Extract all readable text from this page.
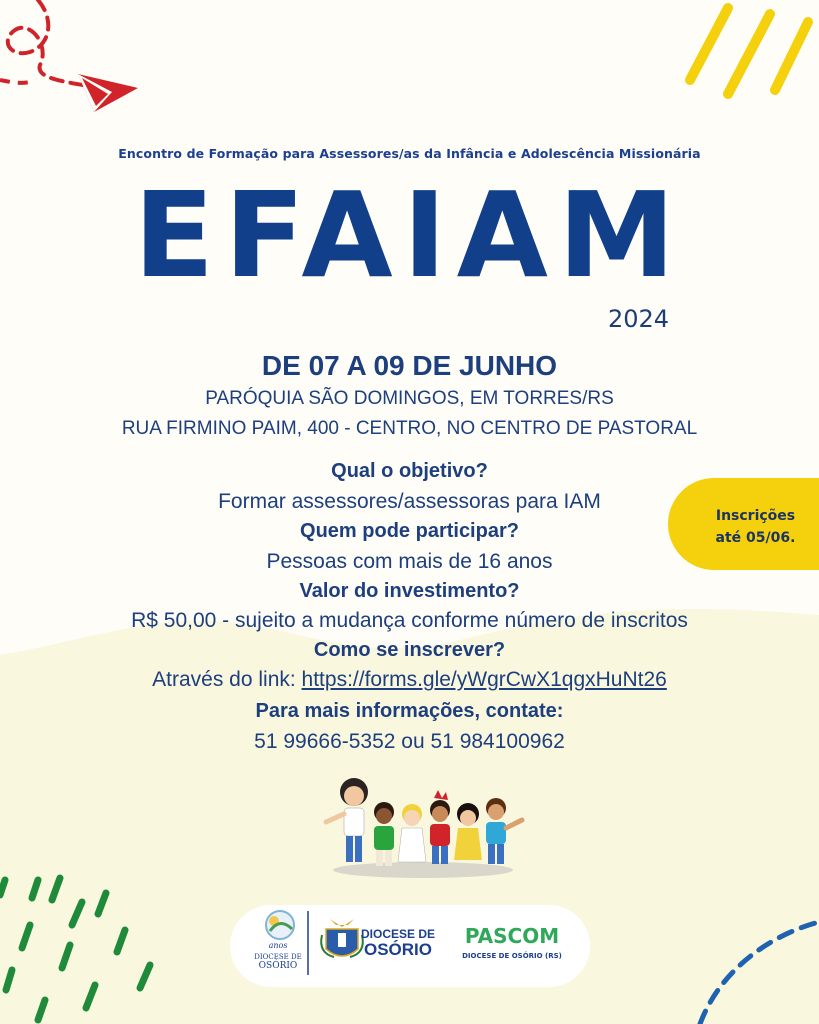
Encontro de Formação para Assessores/as da Infância e Adolescência Missionária
EFAIAM
2024
DE 07 A 09 DE JUNHO
PARÓQUIA SÃO DOMINGOS, EM TORRES/RS
RUA FIRMINO PAIM, 400 - CENTRO, NO CENTRO DE PASTORAL
Qual o objetivo?
Formar assessores/assessoras para IAM
Quem pode participar?
Pessoas com mais de 16 anos
Valor do investimento?
R$ 50,00 - sujeito a mudança conforme número de inscritos
Como se inscrever?
Através do link: https://forms.gle/yWgrCwX1qgxHuNt26
Para mais informações, contate:
51 99666-5352 ou 51 984100962
Inscrições
até 05/06.
anos
DIOCESE DE
OSÓRIO
DIOCESE DE
OSÓRIO
PASCOM
DIOCESE DE OSÓRIO (RS)
